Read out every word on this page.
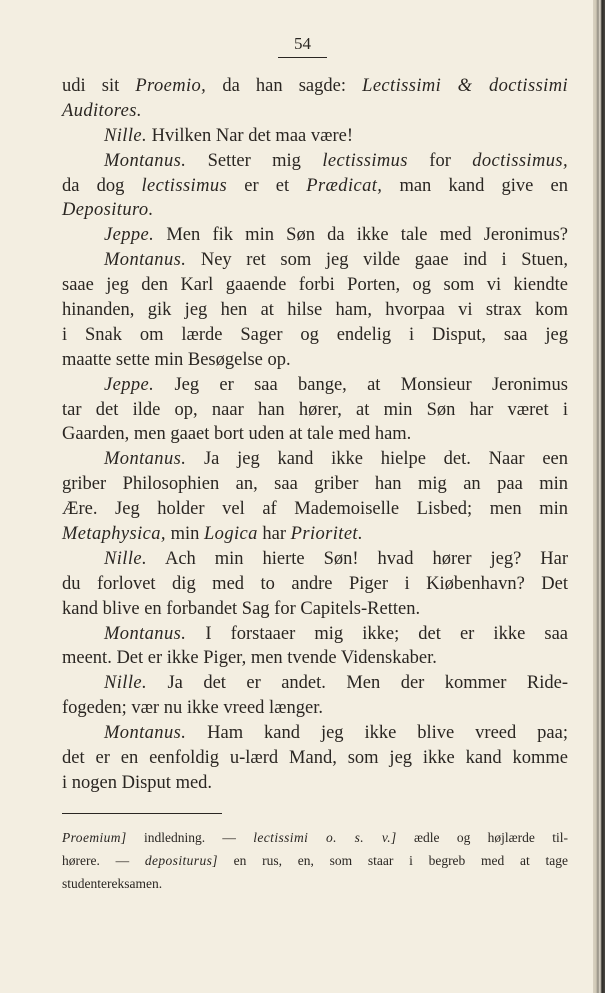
54
udi sit Proemio, da han sagde: Lectissimi & doctissimi
Auditores.
Nille. Hvilken Nar det maa være!
Montanus. Setter mig lectissimus for doctissimus,
da dog lectissimus er et Prædicat, man kand give en
Deposituro.
Jeppe. Men fik min Søn da ikke tale med Jeronimus?
Montanus. Ney ret som jeg vilde gaae ind i Stuen,
saae jeg den Karl gaaende forbi Porten, og som vi kiendte
hinanden, gik jeg hen at hilse ham, hvorpaa vi strax kom
i Snak om lærde Sager og endelig i Disput, saa jeg
maatte sette min Besøgelse op.
Jeppe. Jeg er saa bange, at Monsieur Jeronimus
tar det ilde op, naar han hører, at min Søn har været i
Gaarden, men gaaet bort uden at tale med ham.
Montanus. Ja jeg kand ikke hielpe det. Naar een
griber Philosophien an, saa griber han mig an paa min
Ære. Jeg holder vel af Mademoiselle Lisbed; men min
Metaphysica, min Logica har Prioritet.
Nille. Ach min hierte Søn! hvad hører jeg? Har
du forlovet dig med to andre Piger i Kiøbenhavn? Det
kand blive en forbandet Sag for Capitels-Retten.
Montanus. I forstaaer mig ikke; det er ikke saa
meent. Det er ikke Piger, men tvende Videnskaber.
Nille. Ja det er andet. Men der kommer Ride-
fogeden; vær nu ikke vreed længer.
Montanus. Ham kand jeg ikke blive vreed paa;
det er en eenfoldig u-lærd Mand, som jeg ikke kand komme
i nogen Disput med.
Proemium] indledning. — lectissimi o. s. v.] ædle og højlærde til-
hørere. — depositurus] en rus, en, som staar i begreb med at tage
studentereksamen.
